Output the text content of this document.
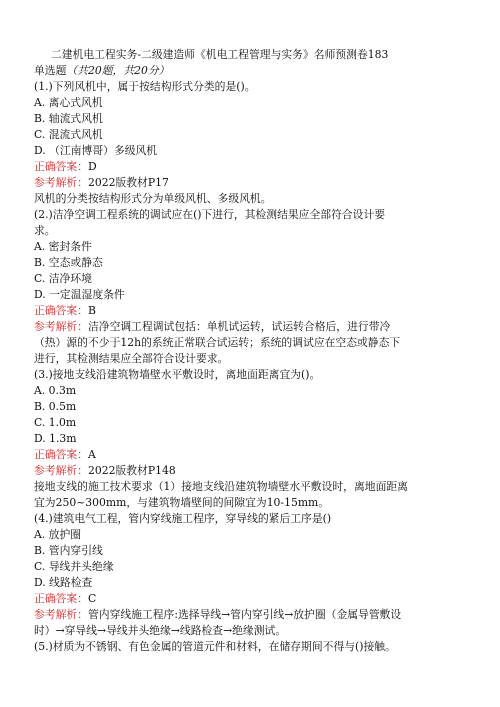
二建机电工程实务-二级建造师《机电工程管理与实务》名师预测卷183
单选题（共20题，共20分）
(1.)下列风机中，属于按结构形式分类的是()。
A. 离心式风机
B. 轴流式风机
C. 混流式风机
D. （江南博哥）多级风机
正确答案：D
参考解析：2022版教材P17
风机的分类按结构形式分为单级风机、多级风机。
(2.)洁净空调工程系统的调试应在()下进行，其检测结果应全部符合设计要
求。
A. 密封条件
B. 空态或静态
C. 洁净环境
D. 一定温湿度条件
正确答案：B
参考解析：洁净空调工程调试包括：单机试运转，试运转合格后，进行带冷
（热）源的不少于12h的系统正常联合试运转；系统的调试应在空态或静态下
进行，其检测结果应全部符合设计要求。
(3.)接地支线沿建筑物墙壁水平敷设时，离地面距离宜为()。
A. 0.3m
B. 0.5m
C. 1.0m
D. 1.3m
正确答案：A
参考解析：2022版教材P148
接地支线的施工技术要求（1）接地支线沿建筑物墙壁水平敷设时，离地面距离
宜为250~300mm，与建筑物墙壁间的间隙宜为10-15mm。
(4.)建筑电气工程，管内穿线施工程序，穿导线的紧后工序是()
A. 放护圈
B. 管内穿引线
C. 导线并头绝缘
D. 线路检查
正确答案：C
参考解析：管内穿线施工程序:选择导线→管内穿引线→放护圈（金属导管敷设
时）→穿导线→导线并头绝缘→线路检查→绝缘测试。
(5.)材质为不锈钢、有色金属的管道元件和材料，在储存期间不得与()接触。
